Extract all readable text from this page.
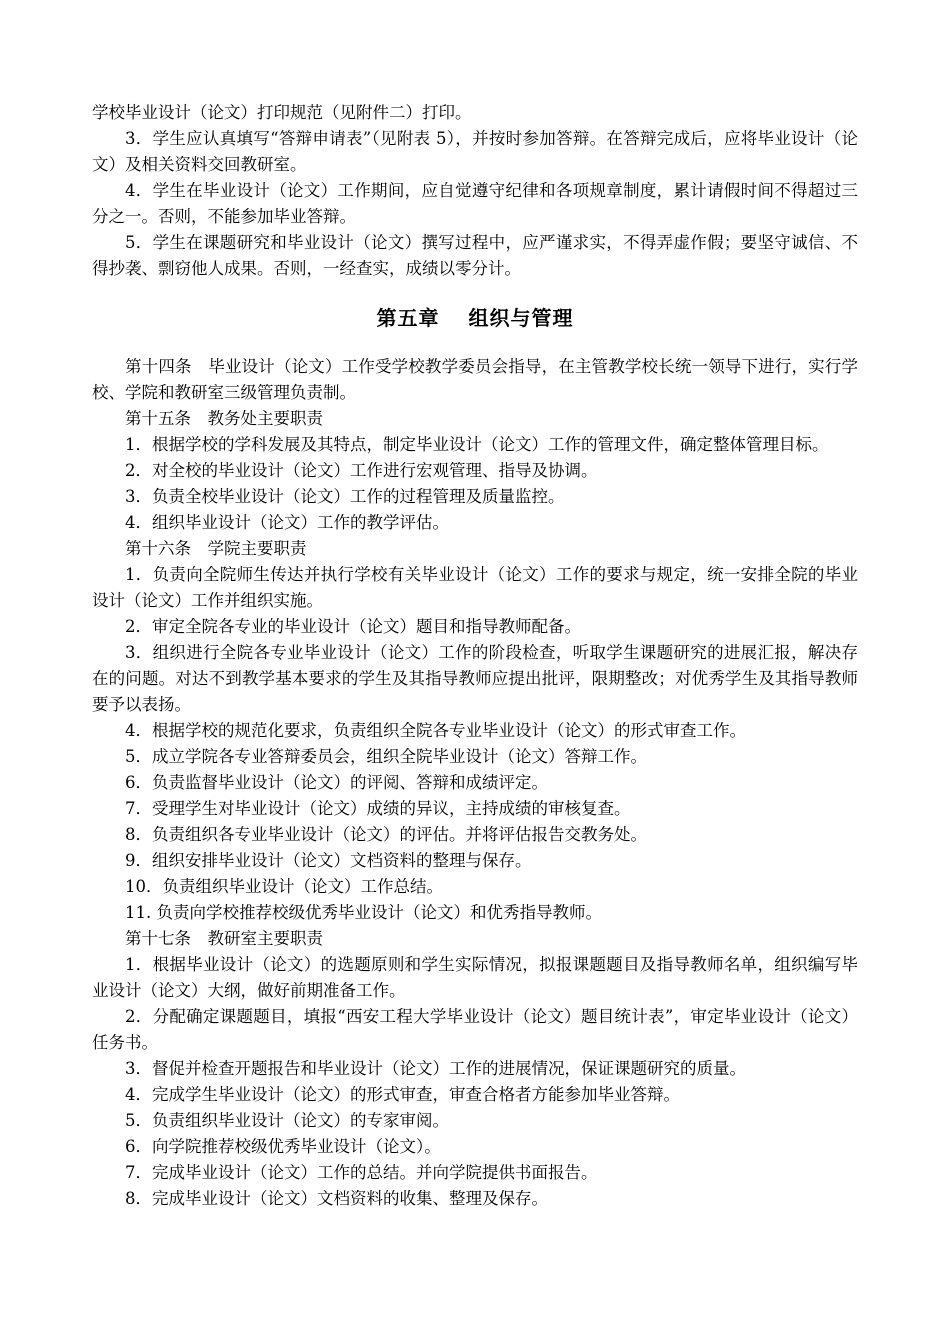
学校毕业设计（论文）打印规范（见附件二）打印。

3．学生应认真填写“答辩申请表”（见附表 5），并按时参加答辩。在答辩完成后，应将毕业设计（论文）及相关资料交回教研室。

4．学生在毕业设计（论文）工作期间，应自觉遵守纪律和各项规章制度，累计请假时间不得超过三分之一。否则，不能参加毕业答辩。

5．学生在课题研究和毕业设计（论文）撰写过程中，应严谨求实，不得弄虚作假；要坚守诚信、不得抄袭、剽窃他人成果。否则，一经查实，成绩以零分计。

第五章　 组织与管理

第十四条　毕业设计（论文）工作受学校教学委员会指导，在主管教学校长统一领导下进行，实行学校、学院和教研室三级管理负责制。

第十五条　教务处主要职责

1．根据学校的学科发展及其特点，制定毕业设计（论文）工作的管理文件，确定整体管理目标。

2．对全校的毕业设计（论文）工作进行宏观管理、指导及协调。

3．负责全校毕业设计（论文）工作的过程管理及质量监控。

4．组织毕业设计（论文）工作的教学评估。

第十六条　学院主要职责

1．负责向全院师生传达并执行学校有关毕业设计（论文）工作的要求与规定，统一安排全院的毕业设计（论文）工作并组织实施。

2．审定全院各专业的毕业设计（论文）题目和指导教师配备。

3．组织进行全院各专业毕业设计（论文）工作的阶段检查，听取学生课题研究的进展汇报，解决存在的问题。对达不到教学基本要求的学生及其指导教师应提出批评，限期整改；对优秀学生及其指导教师要予以表扬。

4．根据学校的规范化要求，负责组织全院各专业毕业设计（论文）的形式审查工作。

5．成立学院各专业答辩委员会，组织全院毕业设计（论文）答辩工作。

6．负责监督毕业设计（论文）的评阅、答辩和成绩评定。

7．受理学生对毕业设计（论文）成绩的异议，主持成绩的审核复查。

8．负责组织各专业毕业设计（论文）的评估。并将评估报告交教务处。

9．组织安排毕业设计（论文）文档资料的整理与保存。

10．负责组织毕业设计（论文）工作总结。

11. 负责向学校推荐校级优秀毕业设计（论文）和优秀指导教师。

第十七条　教研室主要职责

1．根据毕业设计（论文）的选题原则和学生实际情况，拟报课题题目及指导教师名单，组织编写毕业设计（论文）大纲，做好前期准备工作。

2．分配确定课题题目，填报“西安工程大学毕业设计（论文）题目统计表”，审定毕业设计（论文）任务书。

3．督促并检查开题报告和毕业设计（论文）工作的进展情况，保证课题研究的质量。

4．完成学生毕业设计（论文）的形式审查，审查合格者方能参加毕业答辩。

5．负责组织毕业设计（论文）的专家审阅。

6．向学院推荐校级优秀毕业设计（论文）。

7．完成毕业设计（论文）工作的总结。并向学院提供书面报告。

8．完成毕业设计（论文）文档资料的收集、整理及保存。
